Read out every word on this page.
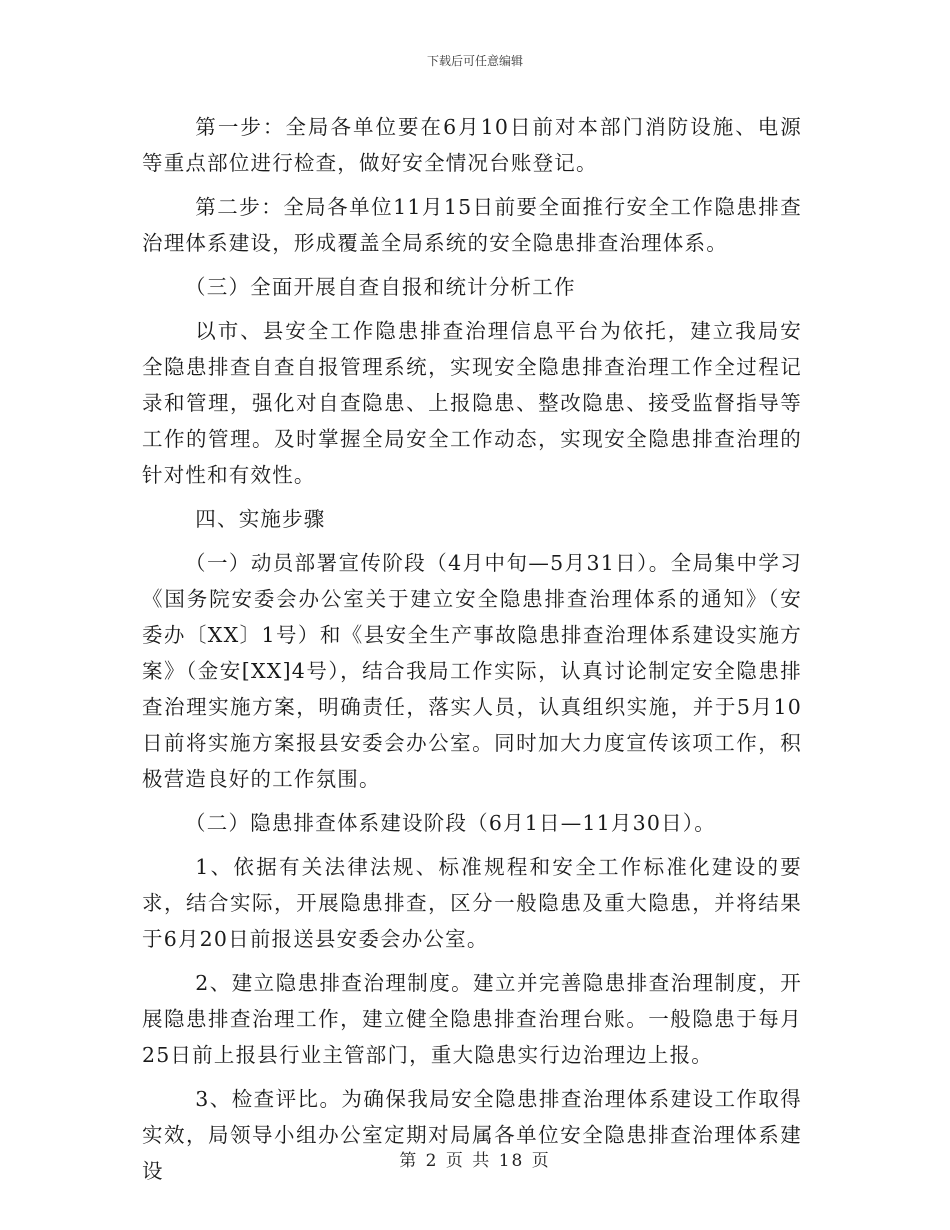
下载后可任意编辑

第一步：全局各单位要在6月10日前对本部门消防设施、电源等重点部位进行检查，做好安全情况台账登记。

第二步：全局各单位11月15日前要全面推行安全工作隐患排查治理体系建设，形成覆盖全局系统的安全隐患排查治理体系。

（三）全面开展自查自报和统计分析工作

以市、县安全工作隐患排查治理信息平台为依托，建立我局安全隐患排查自查自报管理系统，实现安全隐患排查治理工作全过程记录和管理，强化对自查隐患、上报隐患、整改隐患、接受监督指导等工作的管理。及时掌握全局安全工作动态，实现安全隐患排查治理的针对性和有效性。

四、实施步骤

（一）动员部署宣传阶段（4月中旬—5月31日）。全局集中学习《国务院安委会办公室关于建立安全隐患排查治理体系的通知》（安委办〔XX〕1号）和《县安全生产事故隐患排查治理体系建设实施方案》（金安[XX]4号），结合我局工作实际，认真讨论制定安全隐患排查治理实施方案，明确责任，落实人员，认真组织实施，并于5月10日前将实施方案报县安委会办公室。同时加大力度宣传该项工作，积极营造良好的工作氛围。

（二）隐患排查体系建设阶段（6月1日—11月30日）。

1、依据有关法律法规、标准规程和安全工作标准化建设的要求，结合实际，开展隐患排查，区分一般隐患及重大隐患，并将结果于6月20日前报送县安委会办公室。

2、建立隐患排查治理制度。建立并完善隐患排查治理制度，开展隐患排查治理工作，建立健全隐患排查治理台账。一般隐患于每月25日前上报县行业主管部门，重大隐患实行边治理边上报。

3、检查评比。为确保我局安全隐患排查治理体系建设工作取得实效，局领导小组办公室定期对局属各单位安全隐患排查治理体系建设	第 2 页 共 18 页
